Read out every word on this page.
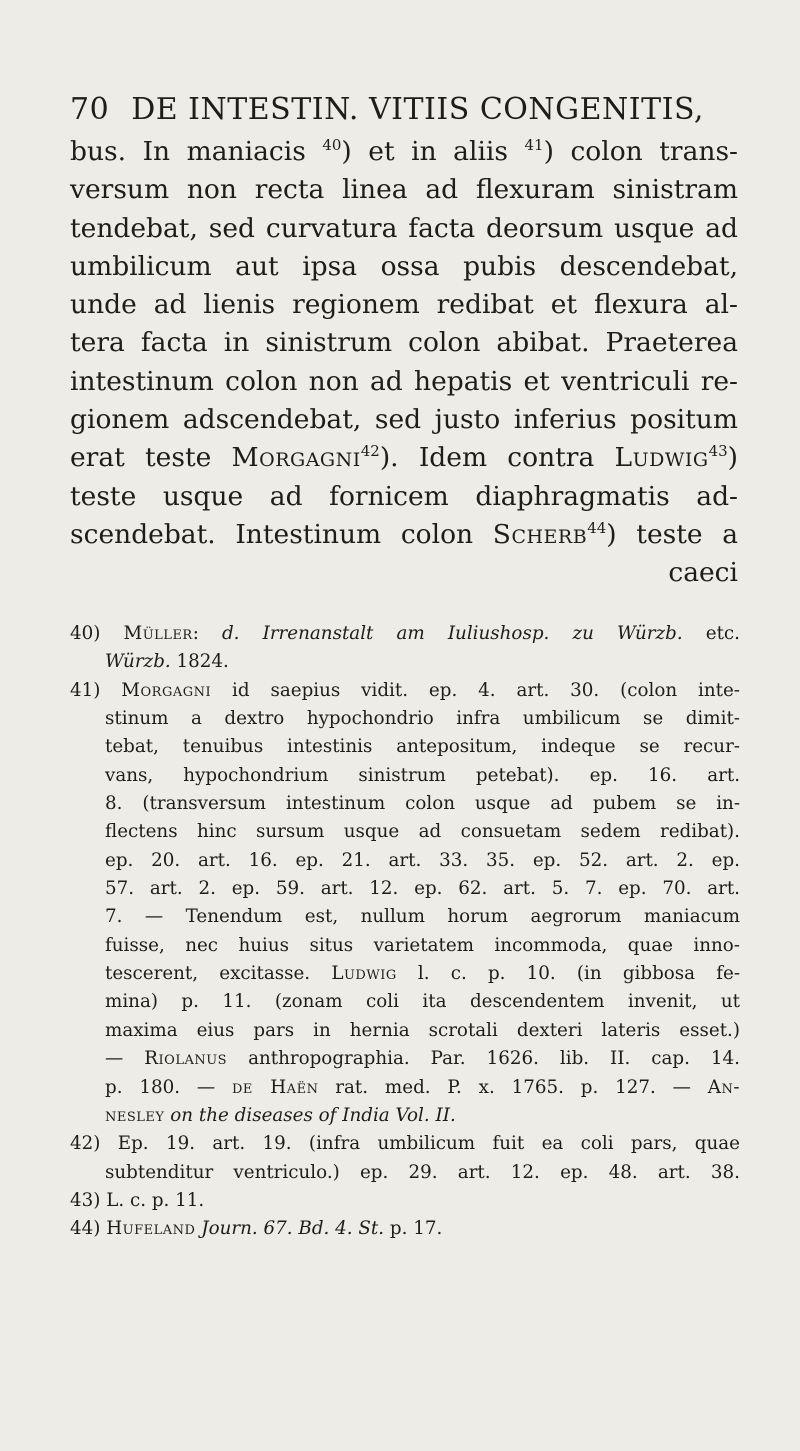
70 DE INTESTIN. VITIIS CONGENITIS,
bus. In maniacis $^{40}$) et in aliis $^{41}$) colon trans-
versum non recta linea ad flexuram sinistram
tendebat, sed curvatura facta deorsum usque ad
umbilicum aut ipsa ossa pubis descendebat,
unde ad lienis regionem redibat et flexura al-
tera facta in sinistrum colon abibat. Praeterea
intestinum colon non ad hepatis et ventriculi re-
gionem adscendebat, sed justo inferius positum
erat teste Morgagni$^{42}$). Idem contra Ludwig$^{43}$)
teste usque ad fornicem diaphragmatis ad-
scendebat. Intestinum colon Scherb$^{44}$) teste a
caeci
40) Müller: d. Irrenanstalt am Iuliushosp. zu Würzb. etc.
Würzb. 1824.
41) Morgagni id saepius vidit. ep. 4. art. 30. (colon inte-
stinum a dextro hypochondrio infra umbilicum se dimit-
tebat, tenuibus intestinis antepositum, indeque se recur-
vans, hypochondrium sinistrum petebat). ep. 16. art.
8. (transversum intestinum colon usque ad pubem se in-
flectens hinc sursum usque ad consuetam sedem redibat).
ep. 20. art. 16. ep. 21. art. 33. 35. ep. 52. art. 2. ep.
57. art. 2. ep. 59. art. 12. ep. 62. art. 5. 7. ep. 70. art.
7. — Tenendum est, nullum horum aegrorum maniacum
fuisse, nec huius situs varietatem incommoda, quae inno-
tescerent, excitasse. Ludwig l. c. p. 10. (in gibbosa fe-
mina) p. 11. (zonam coli ita descendentem invenit, ut
maxima eius pars in hernia scrotali dexteri lateris esset.)
— Riolanus anthropographia. Par. 1626. lib. II. cap. 14.
p. 180. — de Haën rat. med. P. x. 1765. p. 127. — An-
nesley on the diseases of India Vol. II.
42) Ep. 19. art. 19. (infra umbilicum fuit ea coli pars, quae
subtenditur ventriculo.) ep. 29. art. 12. ep. 48. art. 38.
43) L. c. p. 11.
44) Hufeland Journ. 67. Bd. 4. St. p. 17.
